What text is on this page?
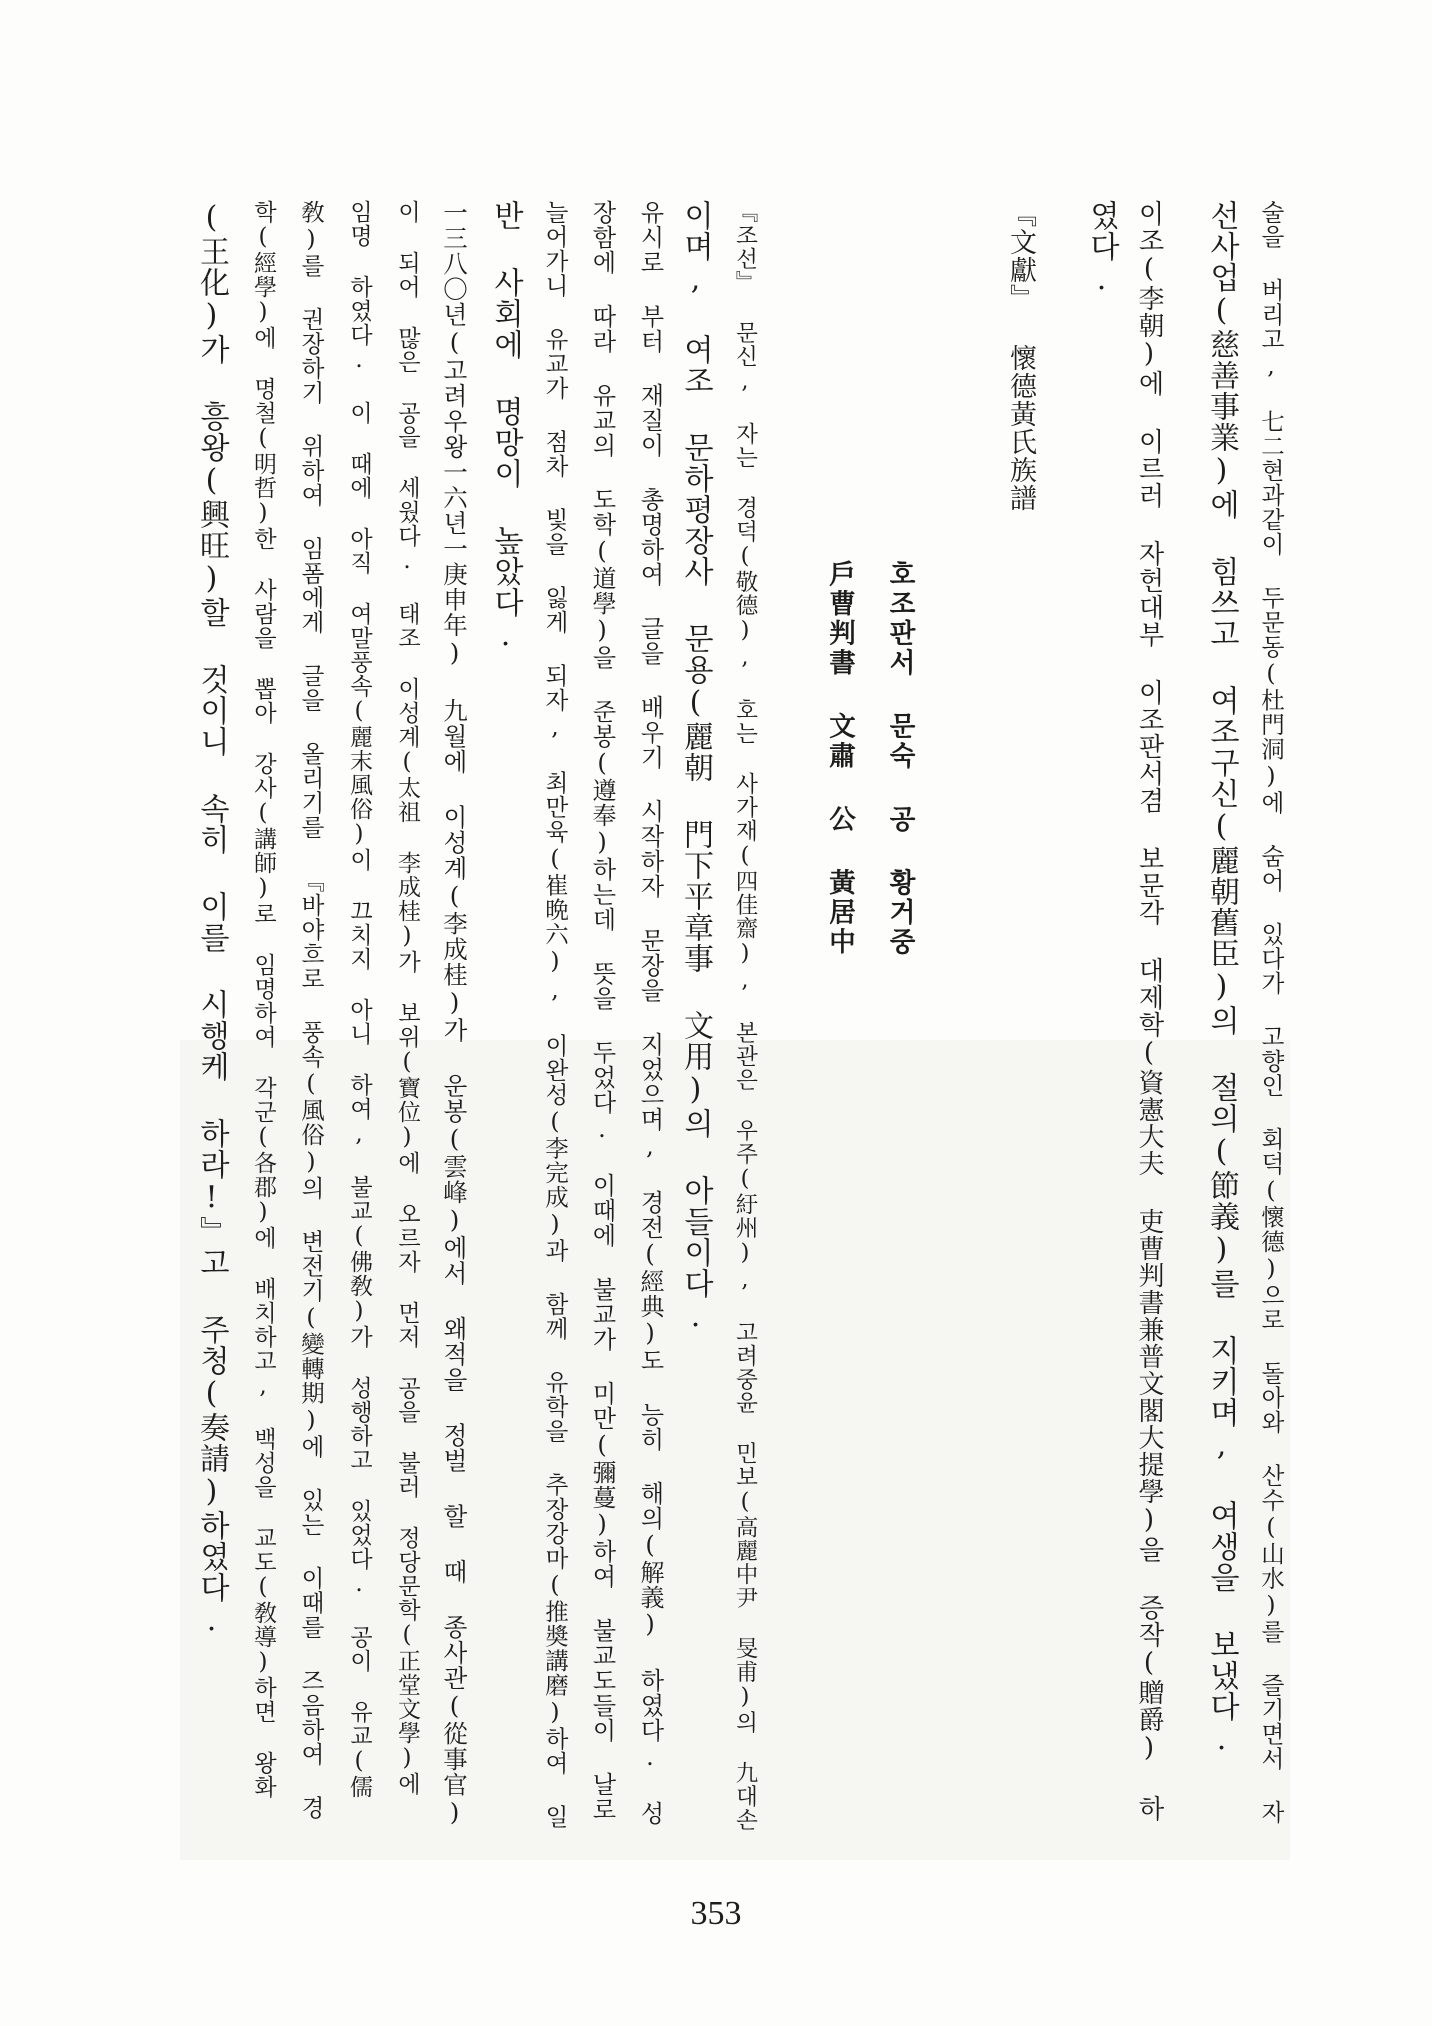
술을 버리고, 七二현과같이 두문동(杜門洞)에 숨어 있다가 고향인 회덕(懷德)으로 돌아와 산수(山水)를 즐기면서 자
선사업(慈善事業)에 힘쓰고 여조구신(麗朝舊臣)의 절의(節義)를 지키며, 여생을 보냈다.
이조(李朝)에 이르러 자헌대부 이조판서겸 보문각 대제학(資憲大夫 吏曹判書兼普文閣大提學)을 증작(贈爵) 하
였다.
『文獻』 懷德黃氏族譜
호조판서 문숙 공 황거중
戶曹判書 文肅 公 黃居中
『조선』 문신, 자는 경덕(敬德), 호는 사가재(四佳齋), 본관은 우주(紆州), 고려중윤 민보(高麗中尹 旻甫)의 九대손
이며, 여조 문하평장사 문용(麗朝 門下平章事 文用)의 아들이다.
유시로 부터 재질이 총명하여 글을 배우기 시작하자 문장을 지었으며, 경전(經典)도 능히 해의(解義) 하였다. 성
장함에 따라 유교의 도학(道學)을 준봉(遵奉)하는데 뜻을 두었다. 이때에 불교가 미만(彌蔓)하여 불교도들이 날로
늘어가니 유교가 점차 빛을 잃게 되자, 최만육(崔晩六), 이완성(李完成)과 함께 유학을 추장강마(推奬講磨)하여 일
반 사회에 명망이 높았다.
一三八〇년(고려우왕一六년一庚申年) 九월에 이성계(李成桂)가 운봉(雲峰)에서 왜적을 정벌 할 때 종사관(從事官)
이 되어 많은 공을 세웠다. 태조 이성계(太祖 李成桂)가 보위(寶位)에 오르자 먼저 공을 불러 정당문학(正堂文學)에
임명 하였다. 이 때에 아직 여말풍속(麗末風俗)이 끄치지 아니 하여, 불교(佛敎)가 성행하고 있었다. 공이 유교(儒
敎)를 권장하기 위하여 임폼에게 글을 올리기를 『바야흐로 풍속(風俗)의 변전기(變轉期)에 있는 이때를 즈음하여 경
학(經學)에 명철(明哲)한 사람을 뽑아 강사(講師)로 임명하여 각군(各郡)에 배치하고, 백성을 교도(敎導)하면 왕화
(王化)가 흥왕(興旺)할 것이니 속히 이를 시행케 하라!』고 주청(奏請)하였다.
353
